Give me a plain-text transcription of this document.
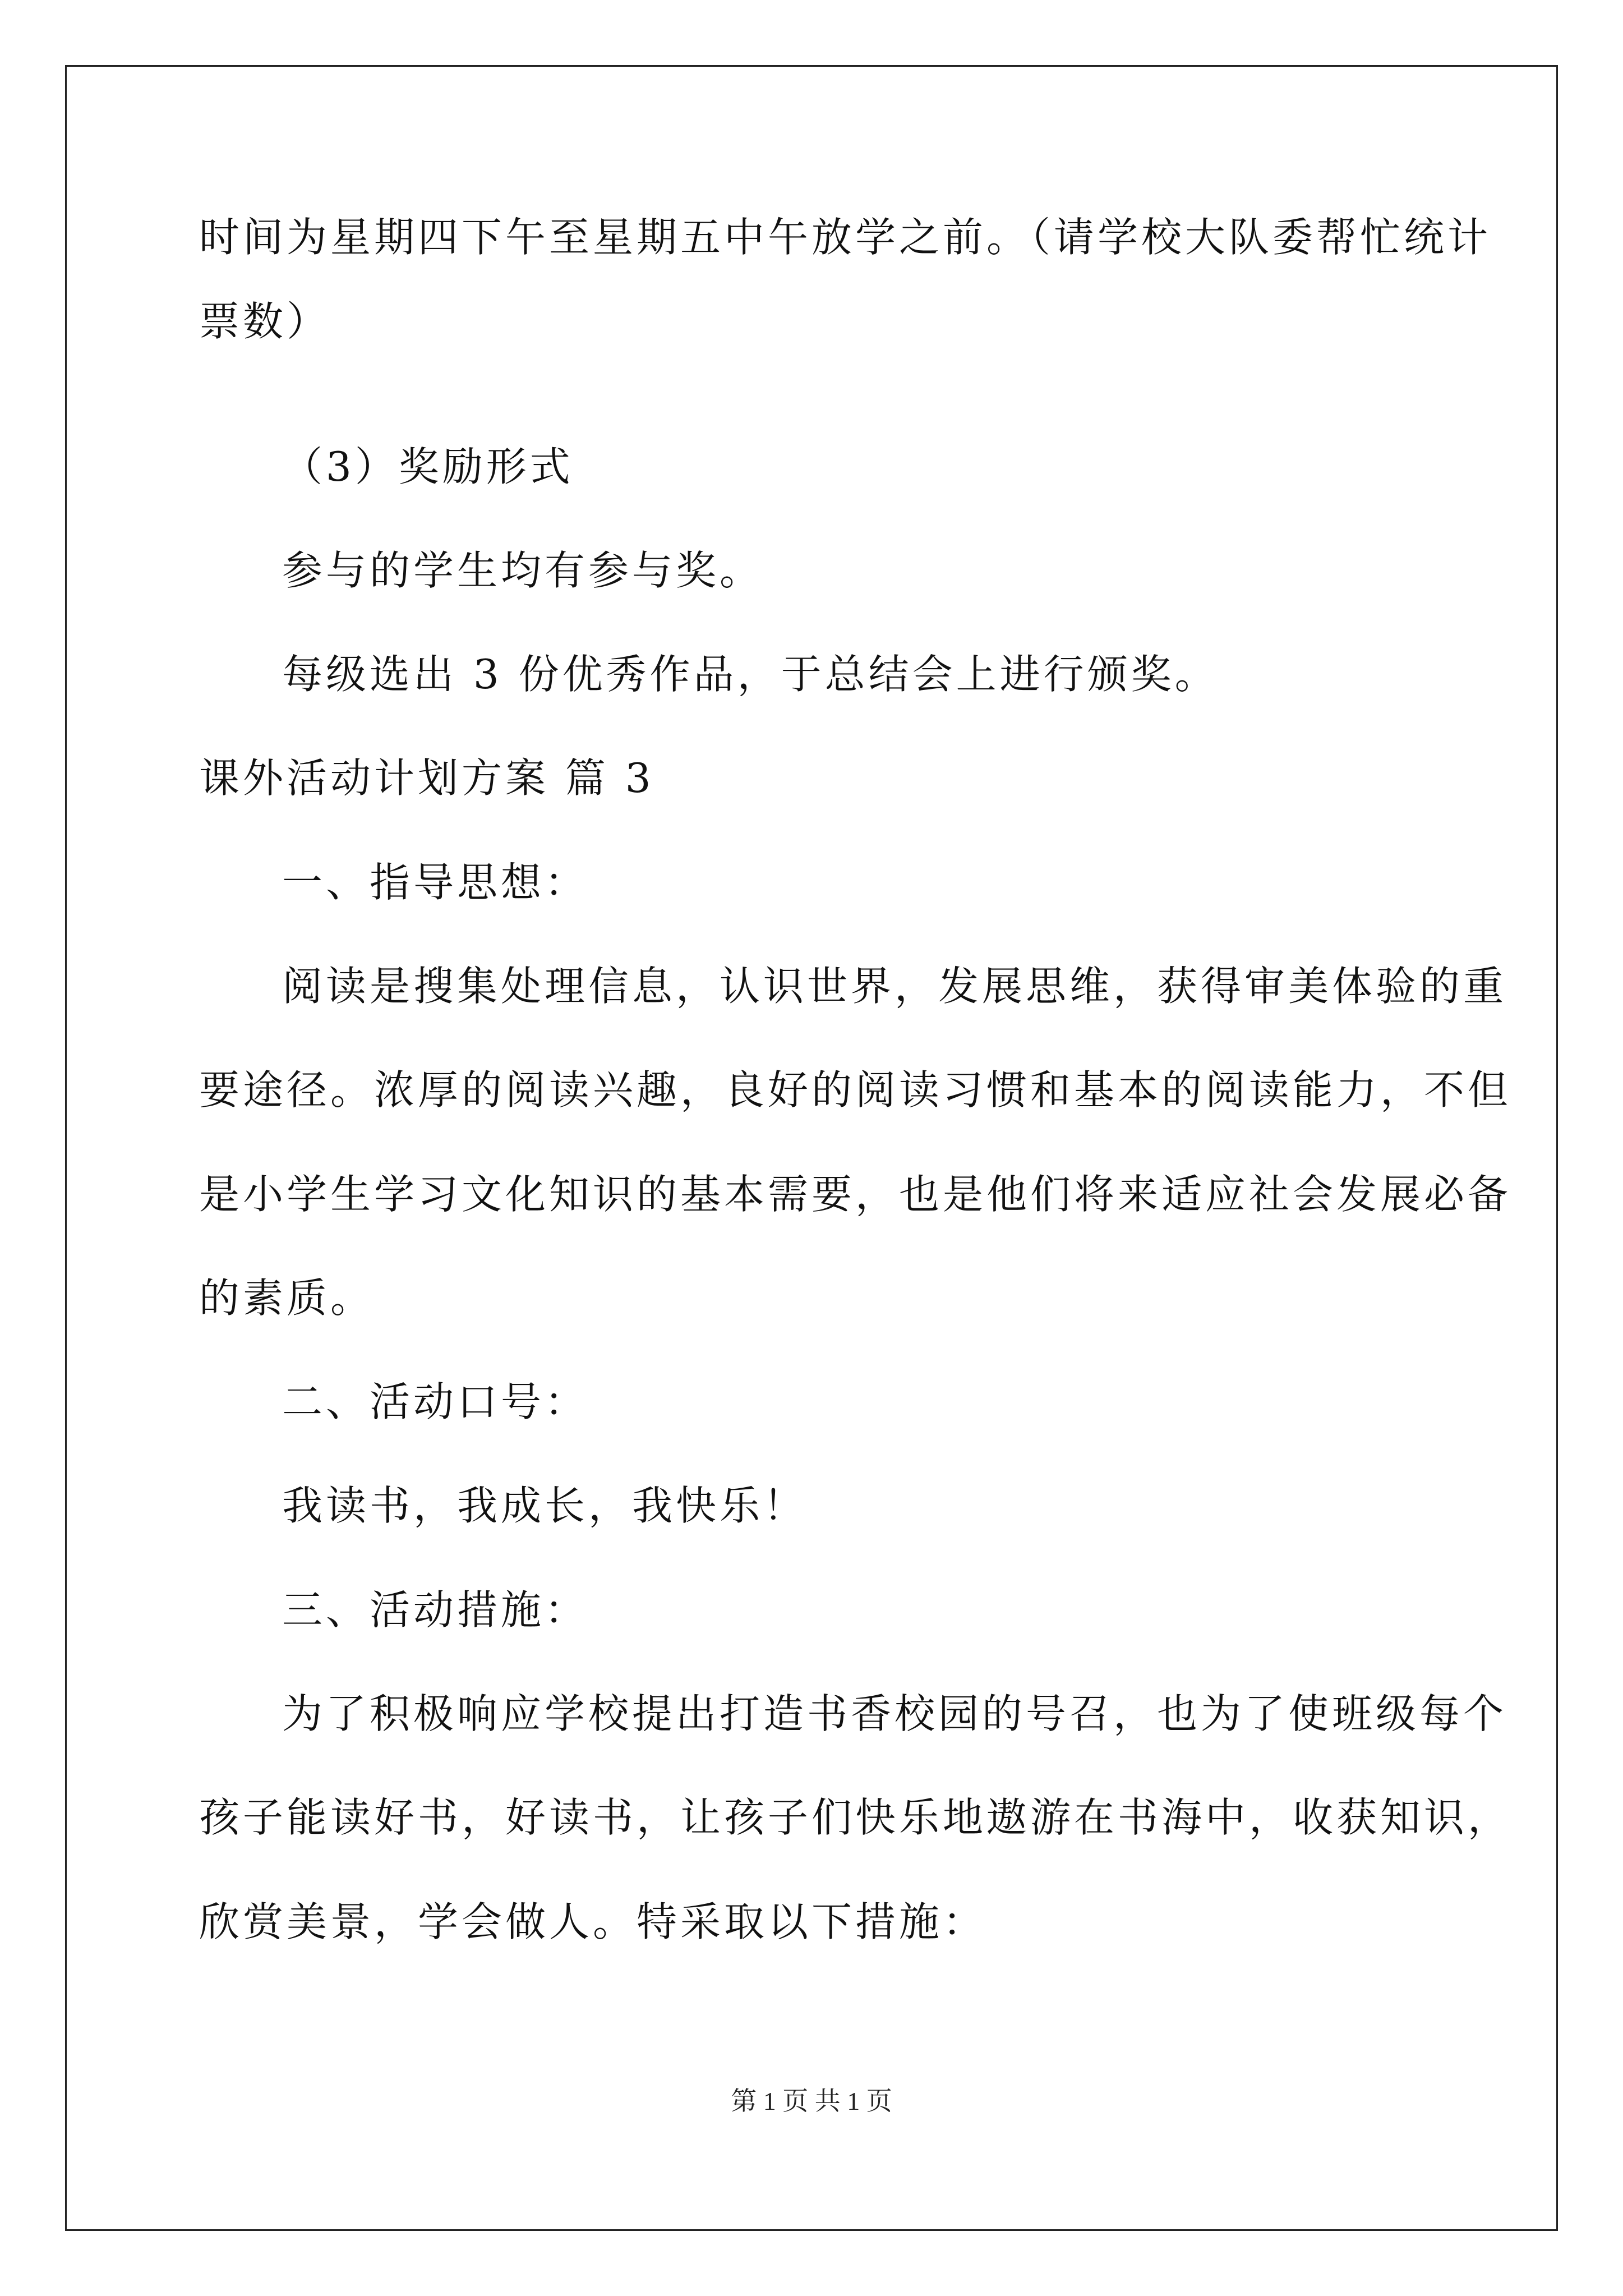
时间为星期四下午至星期五中午放学之前。（请学校大队委帮忙统计
票数）
（3）奖励形式
参与的学生均有参与奖。
每级选出 3 份优秀作品，于总结会上进行颁奖。
课外活动计划方案 篇 3
一、指导思想：
阅读是搜集处理信息，认识世界，发展思维，获得审美体验的重
要途径。浓厚的阅读兴趣，良好的阅读习惯和基本的阅读能力，不但
是小学生学习文化知识的基本需要，也是他们将来适应社会发展必备
的素质。
二、活动口号：
我读书，我成长，我快乐！
三、活动措施：
为了积极响应学校提出打造书香校园的号召，也为了使班级每个
孩子能读好书，好读书，让孩子们快乐地遨游在书海中，收获知识，
欣赏美景，学会做人。特采取以下措施：
第 1 页 共 1 页
